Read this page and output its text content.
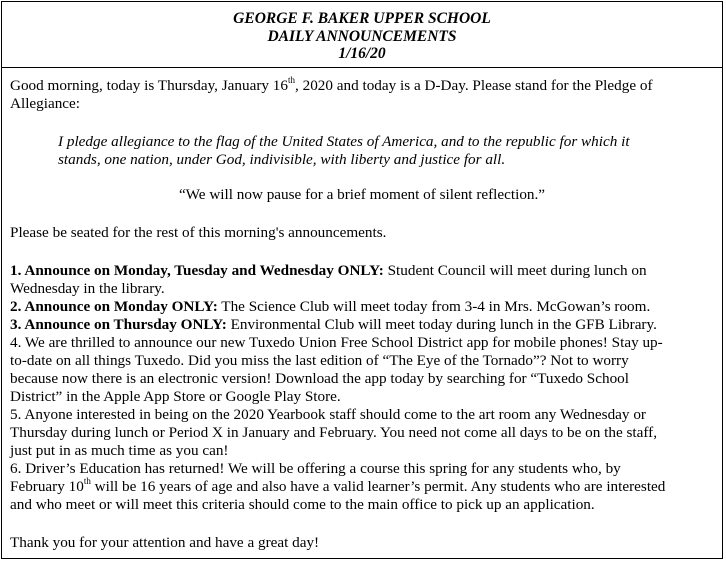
GEORGE F. BAKER UPPER SCHOOL
DAILY ANNOUNCEMENTS
1/16/20
Good morning, today is Thursday, January 16th, 2020 and today is a D-Day. Please stand for the Pledge of
Allegiance:
I pledge allegiance to the flag of the United States of America, and to the republic for which it
stands, one nation, under God, indivisible, with liberty and justice for all.
“We will now pause for a brief moment of silent reflection.”
Please be seated for the rest of this morning's announcements.
1. Announce on Monday, Tuesday and Wednesday ONLY: Student Council will meet during lunch on
Wednesday in the library.
2. Announce on Monday ONLY: The Science Club will meet today from 3-4 in Mrs. McGowan’s room.
3. Announce on Thursday ONLY: Environmental Club will meet today during lunch in the GFB Library.
4. We are thrilled to announce our new Tuxedo Union Free School District app for mobile phones! Stay up-
to-date on all things Tuxedo. Did you miss the last edition of “The Eye of the Tornado”? Not to worry
because now there is an electronic version! Download the app today by searching for “Tuxedo School
District” in the Apple App Store or Google Play Store.
5. Anyone interested in being on the 2020 Yearbook staff should come to the art room any Wednesday or
Thursday during lunch or Period X in January and February. You need not come all days to be on the staff,
just put in as much time as you can!
6. Driver’s Education has returned! We will be offering a course this spring for any students who, by
February 10th will be 16 years of age and also have a valid learner’s permit. Any students who are interested
and who meet or will meet this criteria should come to the main office to pick up an application.
Thank you for your attention and have a great day!
